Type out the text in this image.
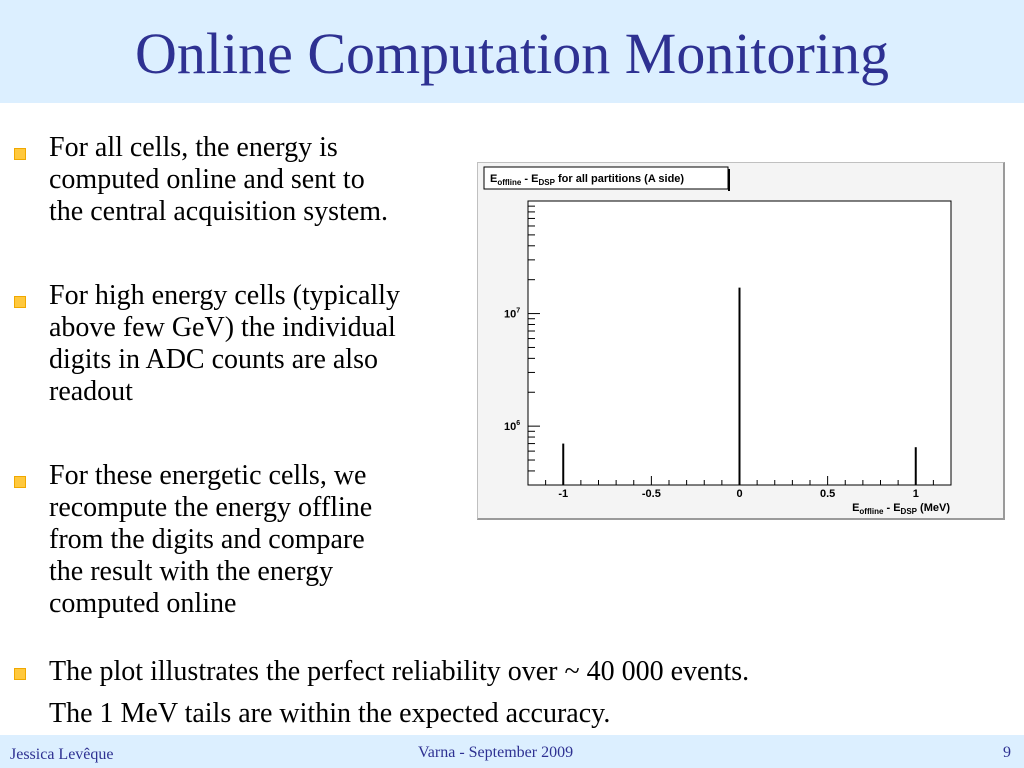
Online Computation Monitoring
For all cells, the energy is
computed online and sent to
the central acquisition system.
For high energy cells (typically
above few GeV) the individual
digits in ADC counts are also
readout
For these energetic cells, we
recompute the energy offline
from the digits and compare
the result with the energy
computed online
The plot illustrates the perfect reliability over ~ 40 000 events.
The 1 MeV tails are within the expected accuracy.
$E_{offline} - E_{DSP}$ for all partitions (A side)
$10^7$
$10^6$
-1	-0.5	0	0.5	1
$E_{offline} - E_{DSP}$ (MeV)
Jessica Levêque	Varna - September 2009	9
